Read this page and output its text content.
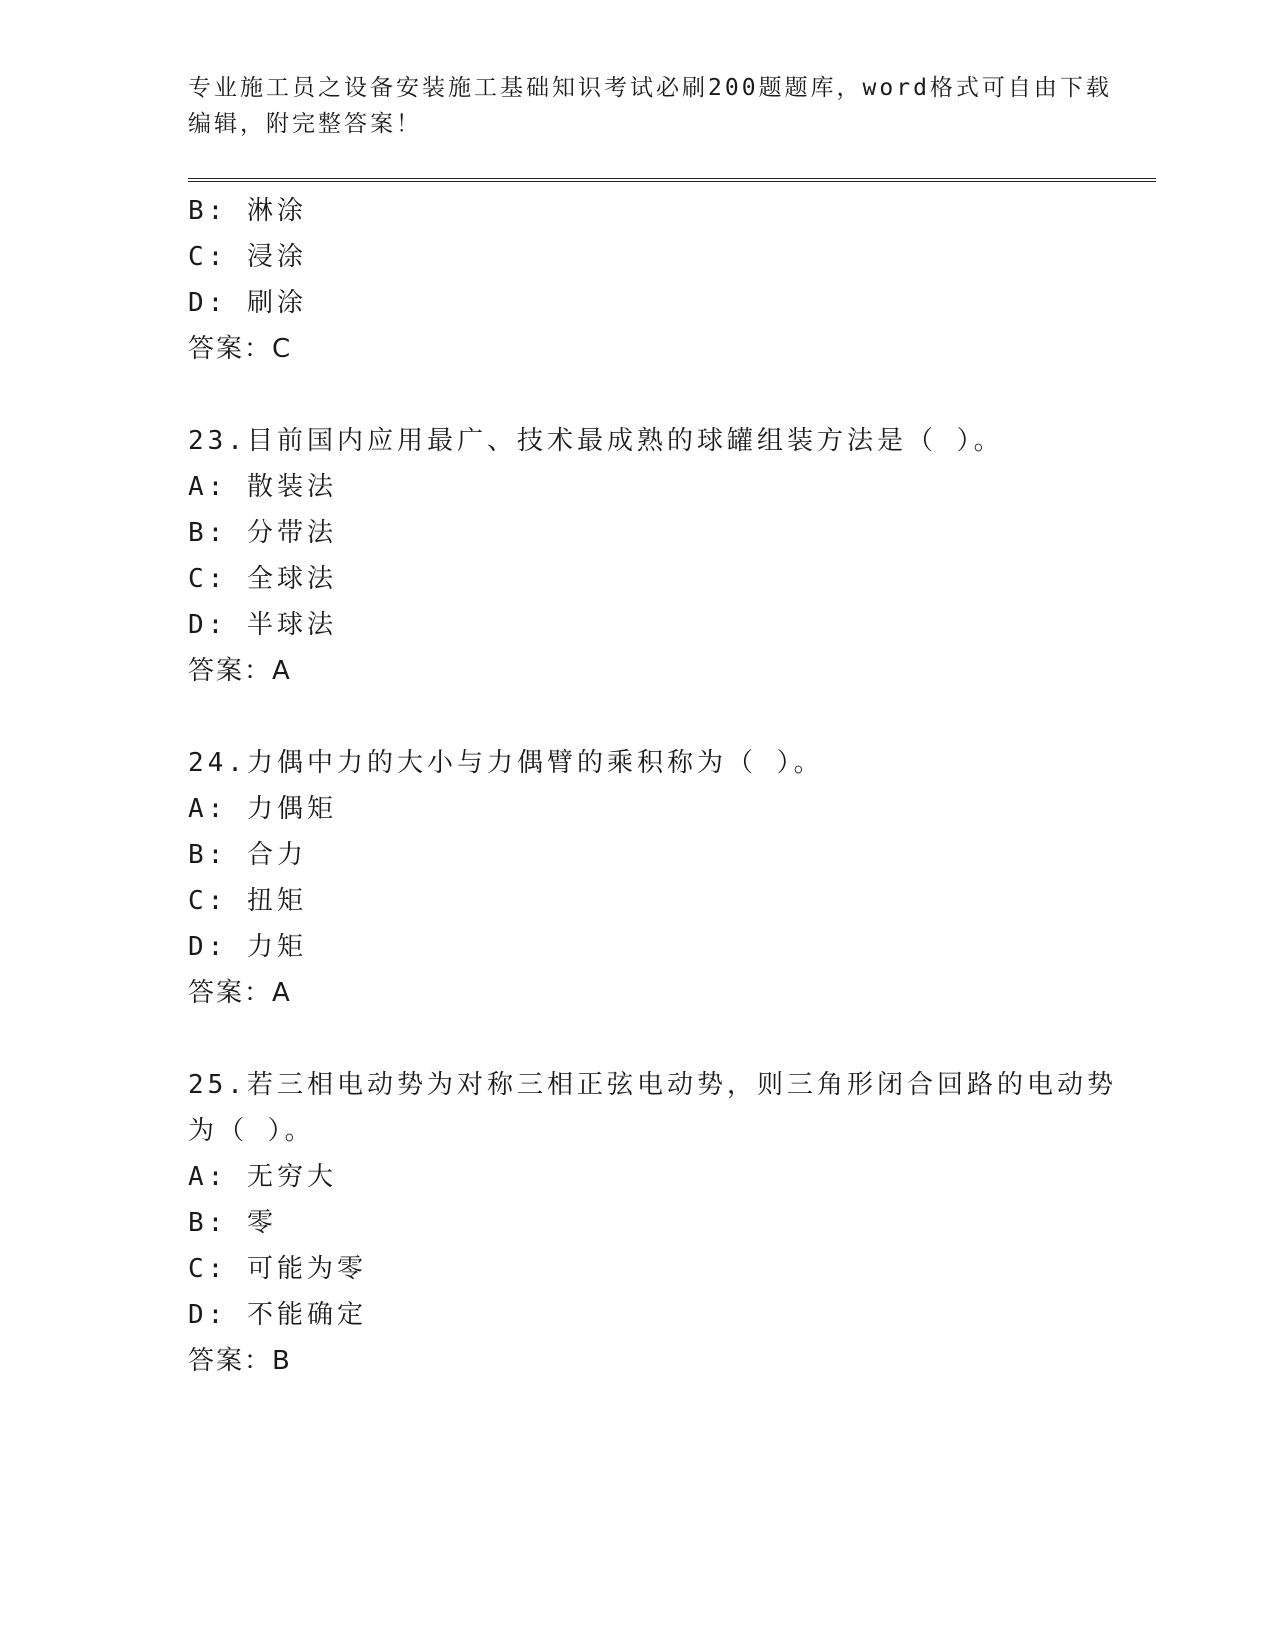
专业施工员之设备安装施工基础知识考试必刷200题题库，word格式可自由下载
编辑，附完整答案！
B: 淋涂
C: 浸涂
D: 刷涂
答案：C
23.目前国内应用最广、技术最成熟的球罐组装方法是（ ）。
A: 散装法
B: 分带法
C: 全球法
D: 半球法
答案：A
24.力偶中力的大小与力偶臂的乘积称为（ ）。
A: 力偶矩
B: 合力
C: 扭矩
D: 力矩
答案：A
25.若三相电动势为对称三相正弦电动势，则三角形闭合回路的电动势
为（ ）。
A: 无穷大
B: 零
C: 可能为零
D: 不能确定
答案：B
